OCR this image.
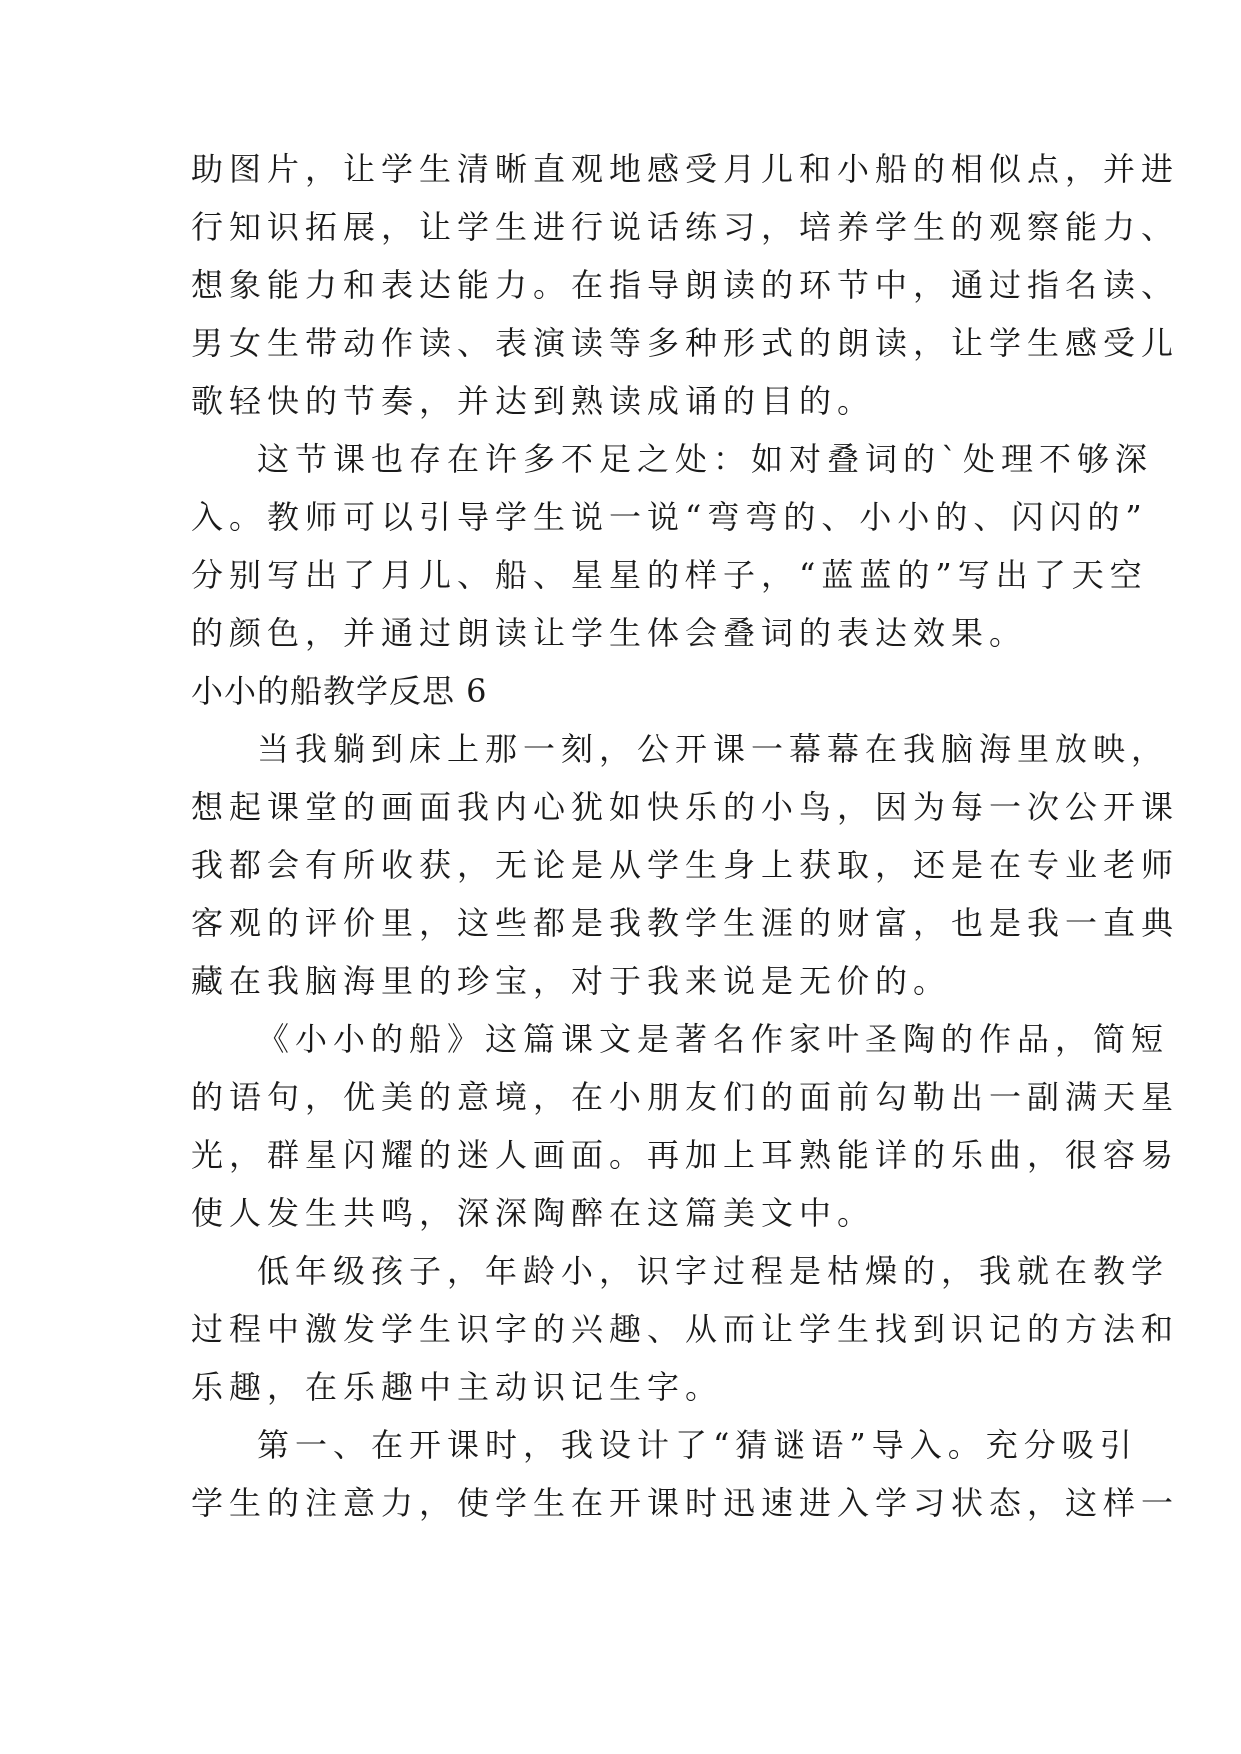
助图片，让学生清晰直观地感受月儿和小船的相似点，并进
行知识拓展，让学生进行说话练习，培养学生的观察能力、
想象能力和表达能力。在指导朗读的环节中，通过指名读、
男女生带动作读、表演读等多种形式的朗读，让学生感受儿
歌轻快的节奏，并达到熟读成诵的目的。
这节课也存在许多不足之处：如对叠词的`处理不够深
入。教师可以引导学生说一说“弯弯的、小小的、闪闪的”
分别写出了月儿、船、星星的样子，“蓝蓝的”写出了天空
的颜色，并通过朗读让学生体会叠词的表达效果。
小小的船教学反思 6
当我躺到床上那一刻，公开课一幕幕在我脑海里放映，
想起课堂的画面我内心犹如快乐的小鸟，因为每一次公开课
我都会有所收获，无论是从学生身上获取，还是在专业老师
客观的评价里，这些都是我教学生涯的财富，也是我一直典
藏在我脑海里的珍宝，对于我来说是无价的。
《小小的船》这篇课文是著名作家叶圣陶的作品，简短
的语句，优美的意境，在小朋友们的面前勾勒出一副满天星
光，群星闪耀的迷人画面。再加上耳熟能详的乐曲，很容易
使人发生共鸣，深深陶醉在这篇美文中。
低年级孩子，年龄小，识字过程是枯燥的，我就在教学
过程中激发学生识字的兴趣、从而让学生找到识记的方法和
乐趣，在乐趣中主动识记生字。
第一、在开课时，我设计了“猜谜语”导入。充分吸引
学生的注意力，使学生在开课时迅速进入学习状态，这样一
